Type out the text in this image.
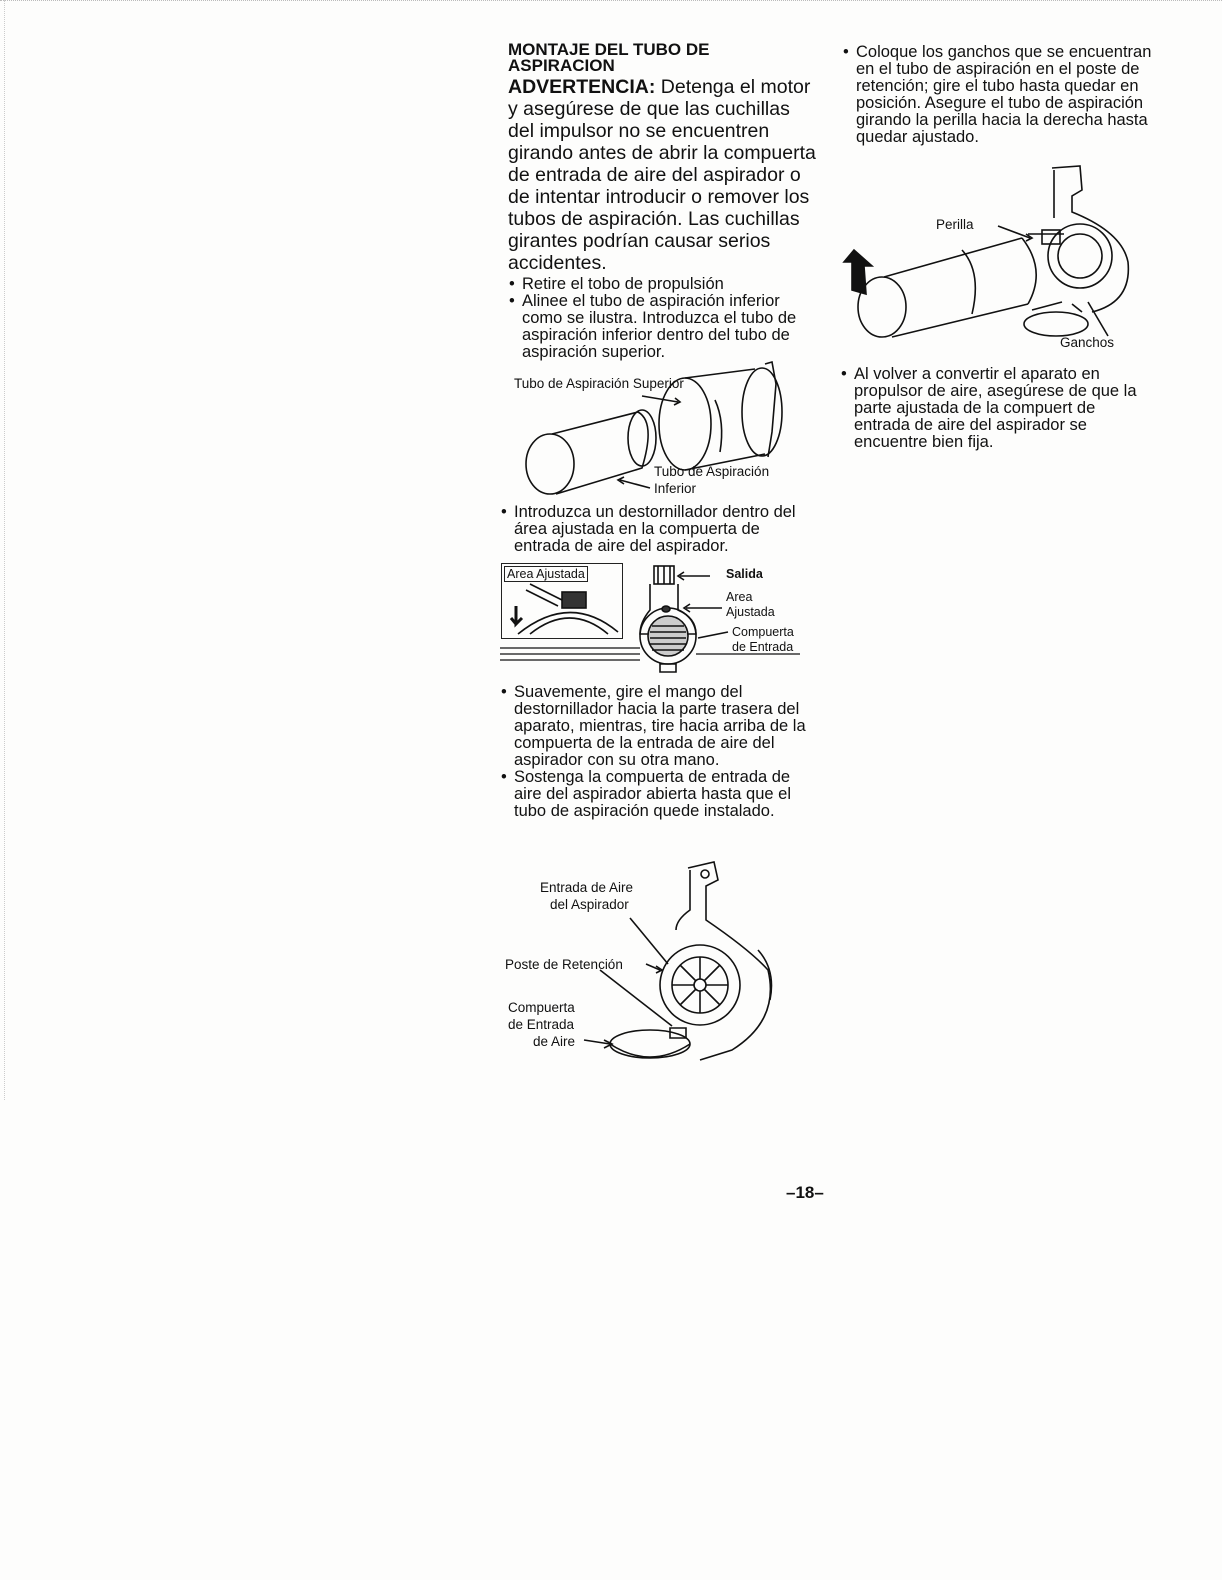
MONTAJE DEL TUBO DE ASPIRACION

ADVERTENCIA: Detenga el motor y asegúrese de que las cuchillas del impulsor no se encuentren girando antes de abrir la compuerta de entrada de aire del aspirador o de intentar introducir o remover los tubos de aspiración. Las cuchillas girantes podrían causar serios accidentes.

• Retire el tobo de propulsión
• Alinee el tubo de aspiración inferior como se ilustra. Introduzca el tubo de aspiración inferior dentro del tubo de aspiración superior.
Tubo de Aspiración Superior
Tubo de Aspiración
Inferior
• Introduzca un destornillador dentro del área ajustada en la compuerta de entrada de aire del aspirador.
Area Ajustada	Salida
Area
Ajustada
Compuerta
de Entrada
• Suavemente, gire el mango del destornillador hacia la parte trasera del aparato, mientras, tire hacia arriba de la compuerta de la entrada de aire del aspirador con su otra mano.
• Sostenga la compuerta de entrada de aire del aspirador abierta hasta que el tubo de aspiración quede instalado.
Entrada de Aire
del Aspirador
Poste de Retención
Compuerta
de Entrada
de Aire
• Coloque los ganchos que se encuentran en el tubo de aspiración en el poste de retención; gire el tubo hasta quedar en posición. Asegure el tubo de aspiración girando la perilla hacia la derecha hasta quedar ajustado.
Perilla
Ganchos
• Al volver a convertir el aparato en propulsor de aire, asegúrese de que la parte ajustada de la compuert de entrada de aire del aspirador se encuentre bien fija.
–18–
